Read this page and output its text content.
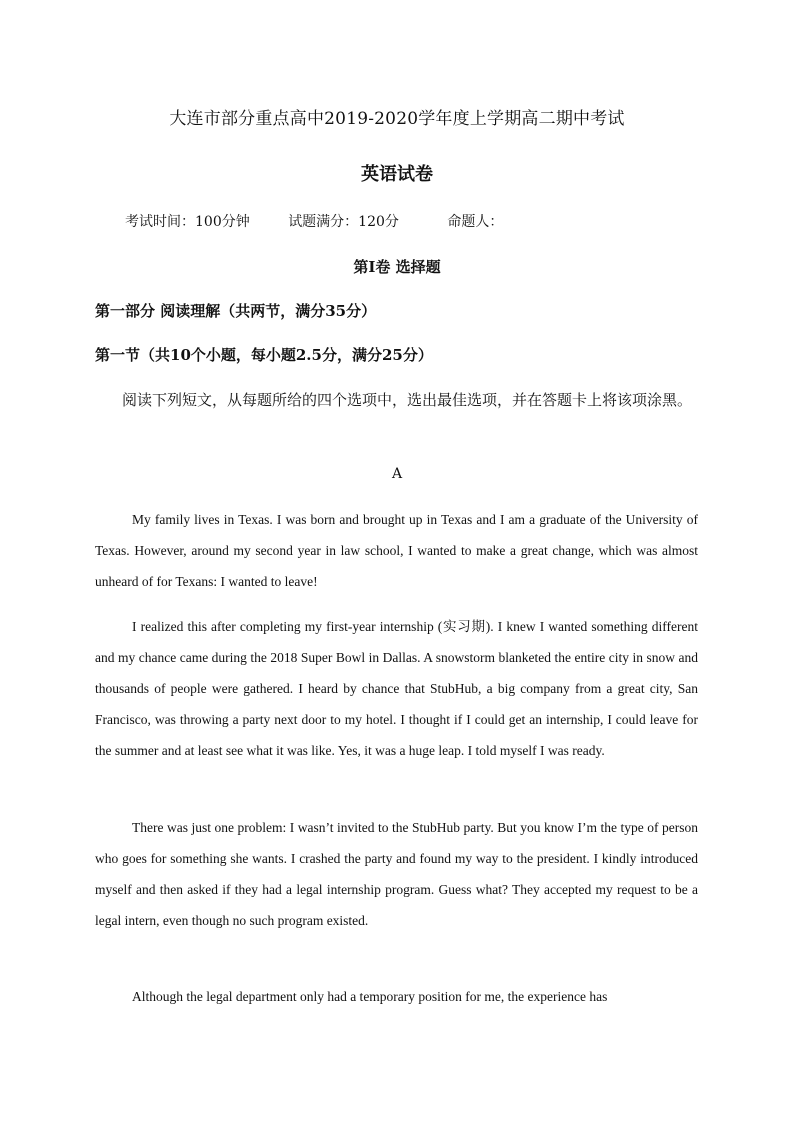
大连市部分重点高中2019-2020学年度上学期高二期中考试
英语试卷
考试时间：100分钟	试题满分：120分	命题人：
第I卷 选择题
第一部分 阅读理解（共两节，满分35分）
第一节（共10个小题，每小题2.5分，满分25分）
阅读下列短文，从每题所给的四个选项中，选出最佳选项，并在答题卡上将该项涂黑。
A
My family lives in Texas. I was born and brought up in Texas and I am a graduate of the University of Texas. However, around my second year in law school, I wanted to make a great change, which was almost unheard of for Texans: I wanted to leave!
I realized this after completing my first-year internship (实习期). I knew I wanted something different and my chance came during the 2018 Super Bowl in Dallas. A snowstorm blanketed the entire city in snow and thousands of people were gathered. I heard by chance that StubHub, a big company from a great city, San Francisco, was throwing a party next door to my hotel. I thought if I could get an internship, I could leave for the summer and at least see what it was like. Yes, it was a huge leap. I told myself I was ready.
There was just one problem: I wasn’t invited to the StubHub party. But you know I’m the type of person who goes for something she wants. I crashed the party and found my way to the president. I kindly introduced myself and then asked if they had a legal internship program. Guess what? They accepted my request to be a legal intern, even though no such program existed.
Although the legal department only had a temporary position for me, the experience has
